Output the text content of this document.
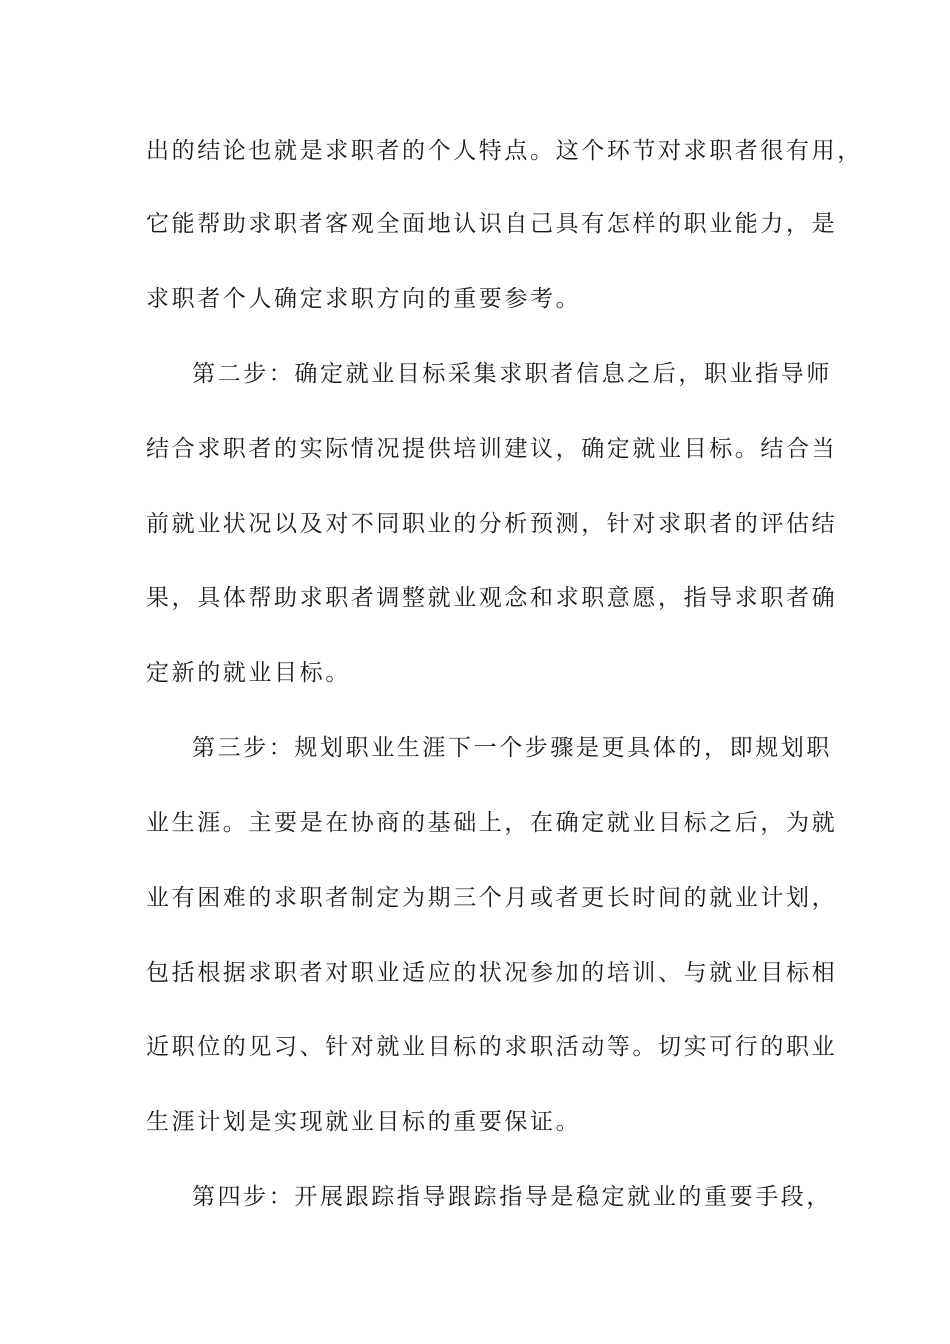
出的结论也就是求职者的个人特点。这个环节对求职者很有用，
它能帮助求职者客观全面地认识自己具有怎样的职业能力，是
求职者个人确定求职方向的重要参考。
第二步：确定就业目标采集求职者信息之后，职业指导师
结合求职者的实际情况提供培训建议，确定就业目标。结合当
前就业状况以及对不同职业的分析预测，针对求职者的评估结
果，具体帮助求职者调整就业观念和求职意愿，指导求职者确
定新的就业目标。
第三步：规划职业生涯下一个步骤是更具体的，即规划职
业生涯。主要是在协商的基础上，在确定就业目标之后，为就
业有困难的求职者制定为期三个月或者更长时间的就业计划，
包括根据求职者对职业适应的状况参加的培训、与就业目标相
近职位的见习、针对就业目标的求职活动等。切实可行的职业
生涯计划是实现就业目标的重要保证。
第四步：开展跟踪指导跟踪指导是稳定就业的重要手段，
